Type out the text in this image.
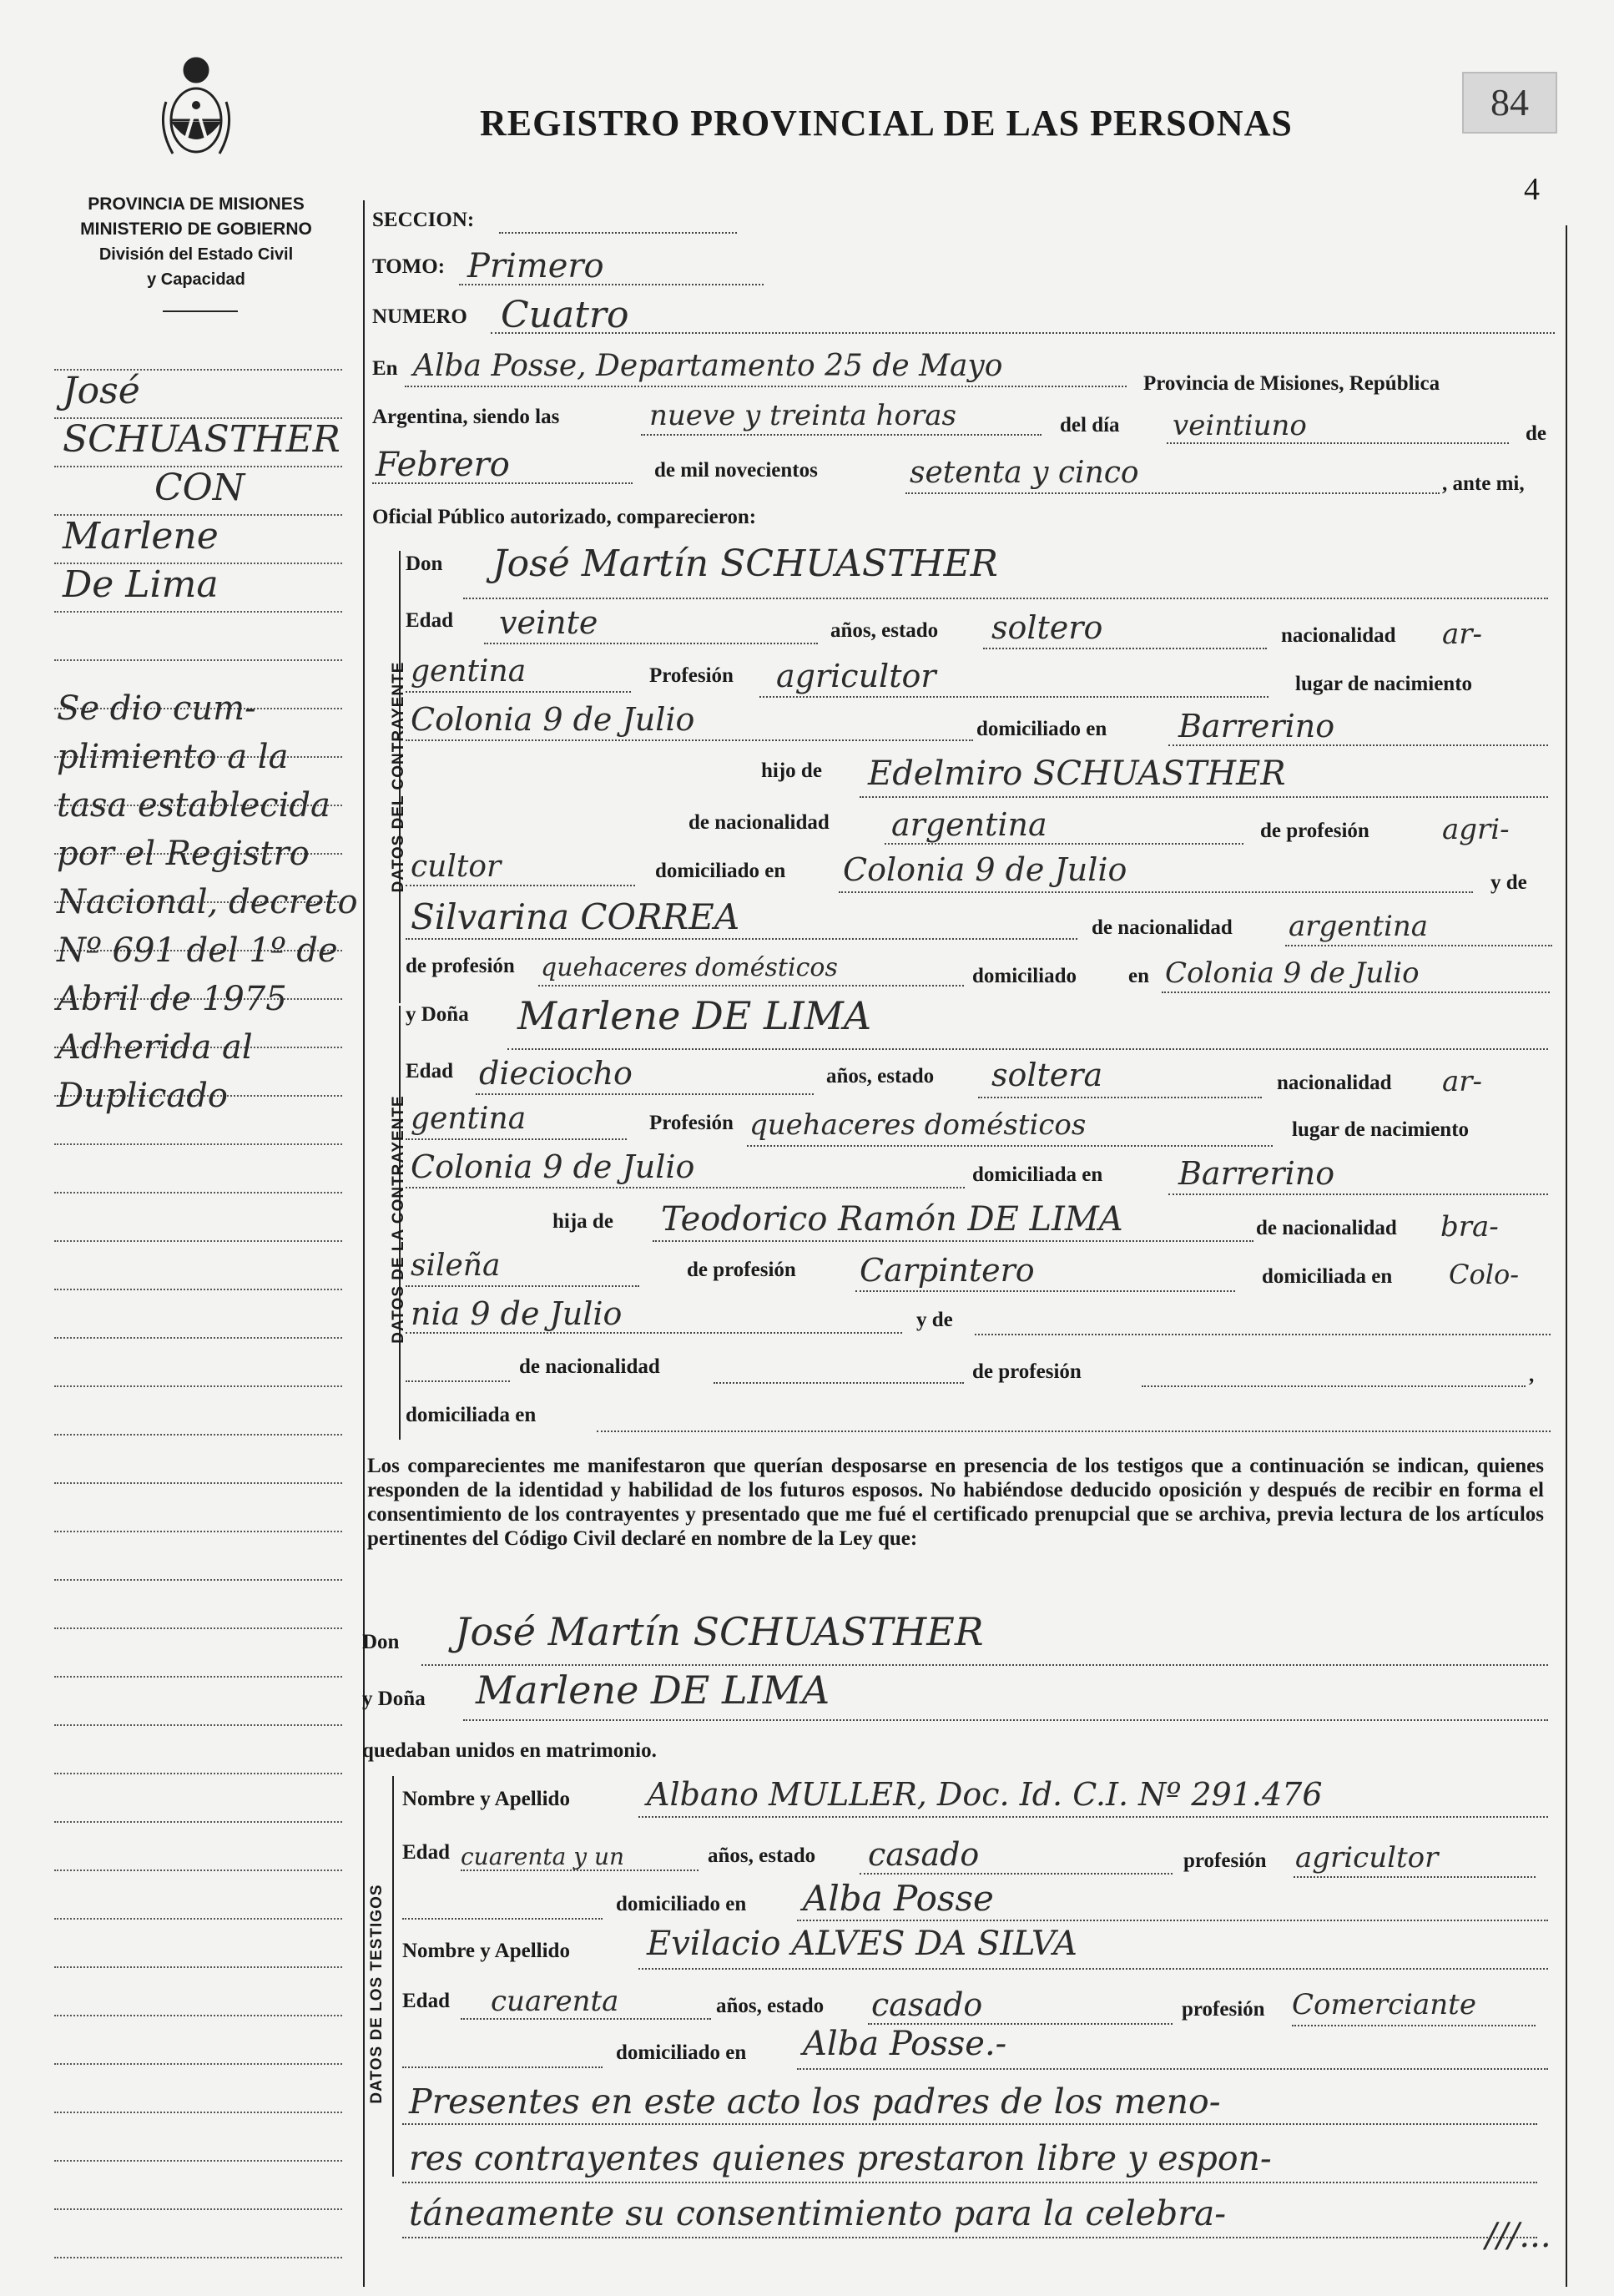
PROVINCIA DE MISIONES
MINISTERIO DE GOBIERNO
División del Estado Civil
y Capacidad
REGISTRO PROVINCIAL DE LAS PERSONAS	84
4
José
SCHUASTHER
CON
Marlene
De Lima
Se dio cum-
plimiento a la
tasa establecida
por el Registro
Nacional, decreto
Nº 691 del 1º de
Abril de 1975
Adherida al
Duplicado
SECCION:
TOMO: Primero
NUMERO Cuatro
En Alba Posse, Departamento 25 de Mayo
Provincia de Misiones, República
Argentina, siendo las	nueve y treinta horas	del día veintiuno	de
Febrero	de mil novecientos	setenta y cinco	, ante mi,
Oficial Público autorizado, comparecieron:
DATOS DEL CONTRAYENTE
Don José Martín SCHUASTHER
Edad veinte	años, estado soltero	nacionalidad ar-
gentina	Profesión agricultor	lugar de nacimiento
Colonia 9 de Julio	domiciliado en Barrerino
hijo de Edelmiro SCHUASTHER
de nacionalidad argentina	de profesión	agri-
cultor	domiciliado en Colonia 9 de Julio	y de
Silvarina CORREA	de nacionalidad argentina
de profesión quehaceres domésticos	domiciliado en Colonia 9 de Julio
DATOS DE LA CONTRAYENTE
y Doña Marlene DE LIMA
Edad dieciocho	años, estado soltera	nacionalidad ar-
gentina	Profesión quehaceres domésticos	lugar de nacimiento
Colonia 9 de Julio	domiciliada en Barrerino
hija de Teodorico Ramón DE LIMA	de nacionalidad bra-
sileña	de profesión Carpintero	domiciliada en Colo-
nia 9 de Julio	y de
de nacionalidad	de profesión	,
domiciliada en
Los comparecientes me manifestaron que querían desposarse en presencia de los testigos que a continuación se indican, quienes responden de la identidad y habilidad de los futuros esposos. No habiéndose deducido oposición y después de recibir en forma el consentimiento de los contrayentes y presentado que me fué el certificado prenupcial que se archiva, previa lectura de los artículos pertinentes del Código Civil declaré en nombre de la Ley que:
Don José Martín SCHUASTHER
y Doña Marlene DE LIMA
quedaban unidos en matrimonio.
DATOS DE LOS TESTIGOS
Nombre y Apellido Albano MULLER, Doc. Id. C.I. Nº 291.476
Edad cuarenta y un	años, estado casado	profesión agricultor
domiciliado en Alba Posse
Nombre y Apellido Evilacio ALVES DA SILVA
Edad cuarenta	años, estado casado	profesión Comerciante
domiciliado en Alba Posse.-
Presentes en este acto los padres de los meno-
res contrayentes quienes prestaron libre y espon-
táneamente su consentimiento para la celebra-
///...
